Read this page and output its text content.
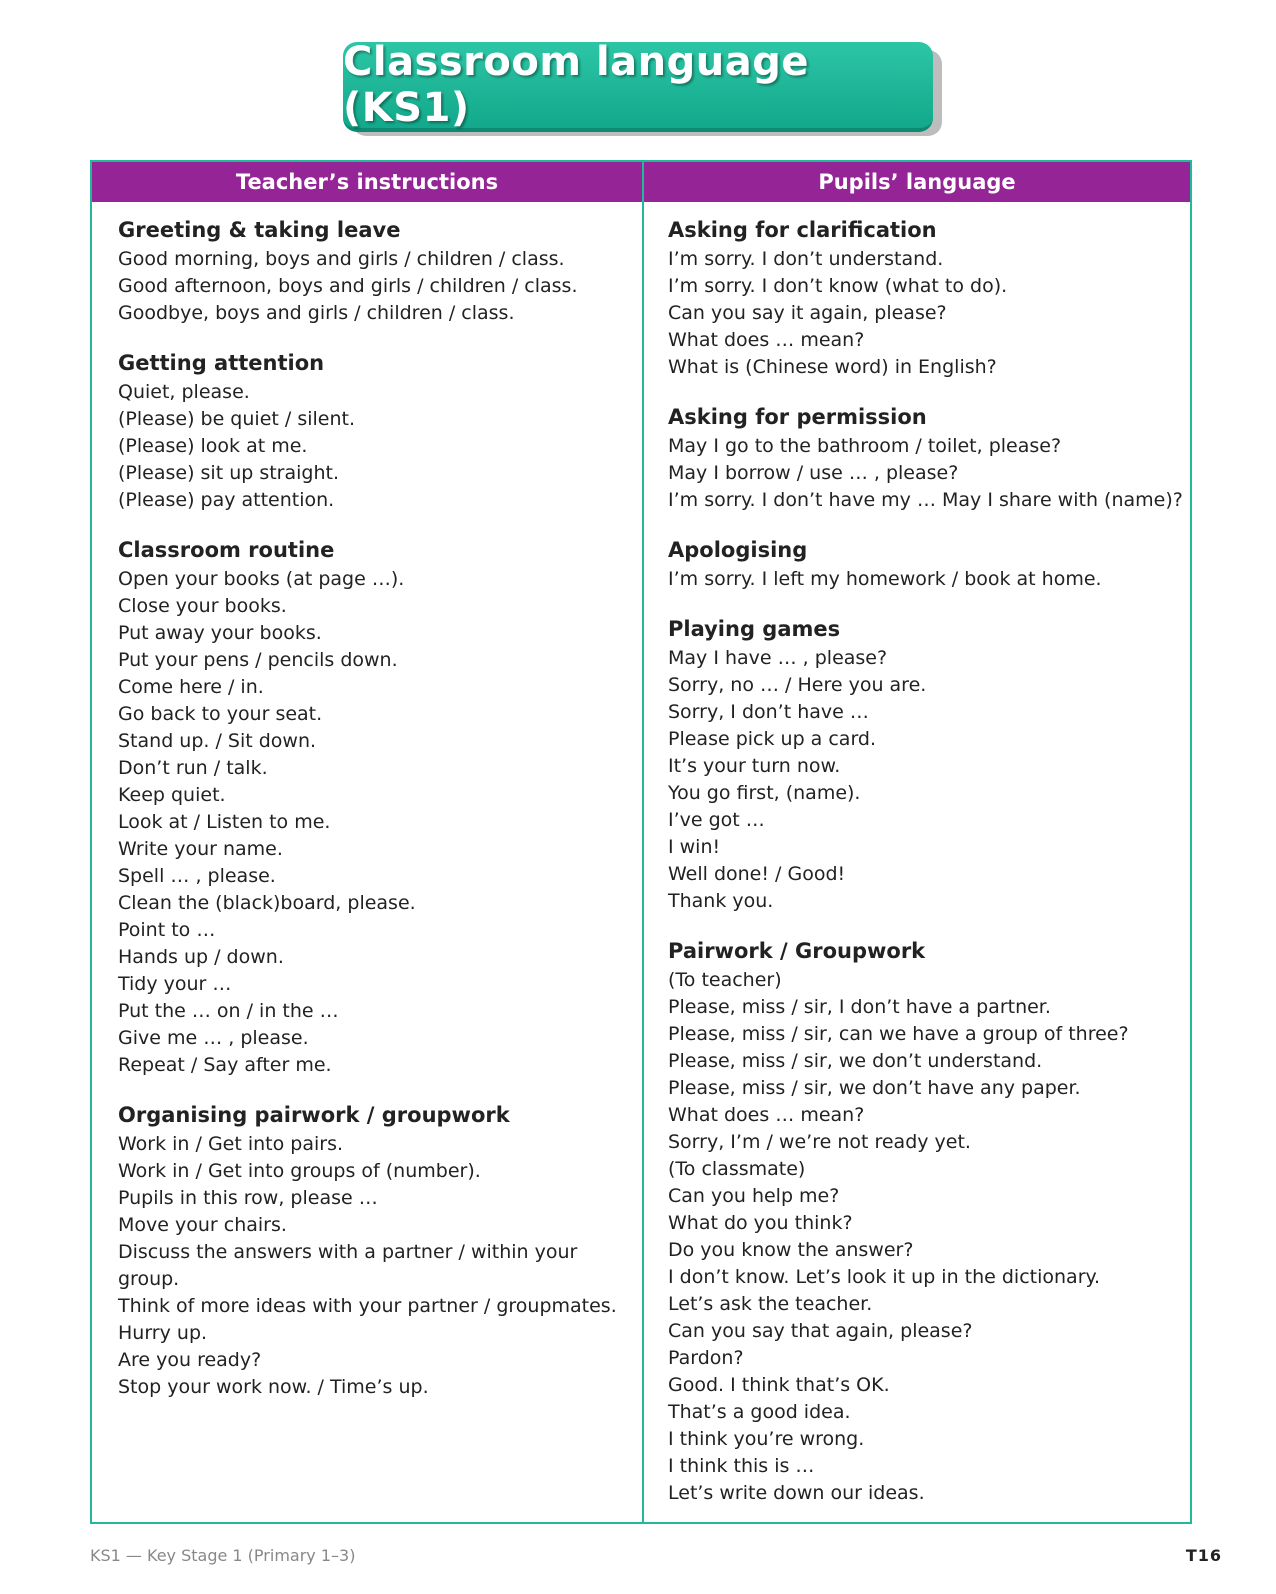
Classroom language (KS1)
Teacher’s instructions	Pupils’ language
Greeting & taking leave
Good morning, boys and girls / children / class.
Good afternoon, boys and girls / children / class.
Goodbye, boys and girls / children / class.
Getting attention
Quiet, please.
(Please) be quiet / silent.
(Please) look at me.
(Please) sit up straight.
(Please) pay attention.
Classroom routine
Open your books (at page …).
Close your books.
Put away your books.
Put your pens / pencils down.
Come here / in.
Go back to your seat.
Stand up. / Sit down.
Don’t run / talk.
Keep quiet.
Look at / Listen to me.
Write your name.
Spell … , please.
Clean the (black)board, please.
Point to …
Hands up / down.
Tidy your …
Put the … on / in the …
Give me … , please.
Repeat / Say after me.
Organising pairwork / groupwork
Work in / Get into pairs.
Work in / Get into groups of (number).
Pupils in this row, please …
Move your chairs.
Discuss the answers with a partner / within your
group.
Think of more ideas with your partner / groupmates.
Hurry up.
Are you ready?
Stop your work now. / Time’s up.
Asking for clarification
I’m sorry. I don’t understand.
I’m sorry. I don’t know (what to do).
Can you say it again, please?
What does … mean?
What is (Chinese word) in English?
Asking for permission
May I go to the bathroom / toilet, please?
May I borrow / use … , please?
I’m sorry. I don’t have my … May I share with (name)?
Apologising
I’m sorry. I left my homework / book at home.
Playing games
May I have … , please?
Sorry, no … / Here you are.
Sorry, I don’t have …
Please pick up a card.
It’s your turn now.
You go first, (name).
I’ve got …
I win!
Well done! / Good!
Thank you.
Pairwork / Groupwork
(To teacher)
Please, miss / sir, I don’t have a partner.
Please, miss / sir, can we have a group of three?
Please, miss / sir, we don’t understand.
Please, miss / sir, we don’t have any paper.
What does … mean?
Sorry, I’m / we’re not ready yet.
(To classmate)
Can you help me?
What do you think?
Do you know the answer?
I don’t know. Let’s look it up in the dictionary.
Let’s ask the teacher.
Can you say that again, please?
Pardon?
Good. I think that’s OK.
That’s a good idea.
I think you’re wrong.
I think this is …
Let’s write down our ideas.
KS1 — Key Stage 1 (Primary 1–3)	T16
